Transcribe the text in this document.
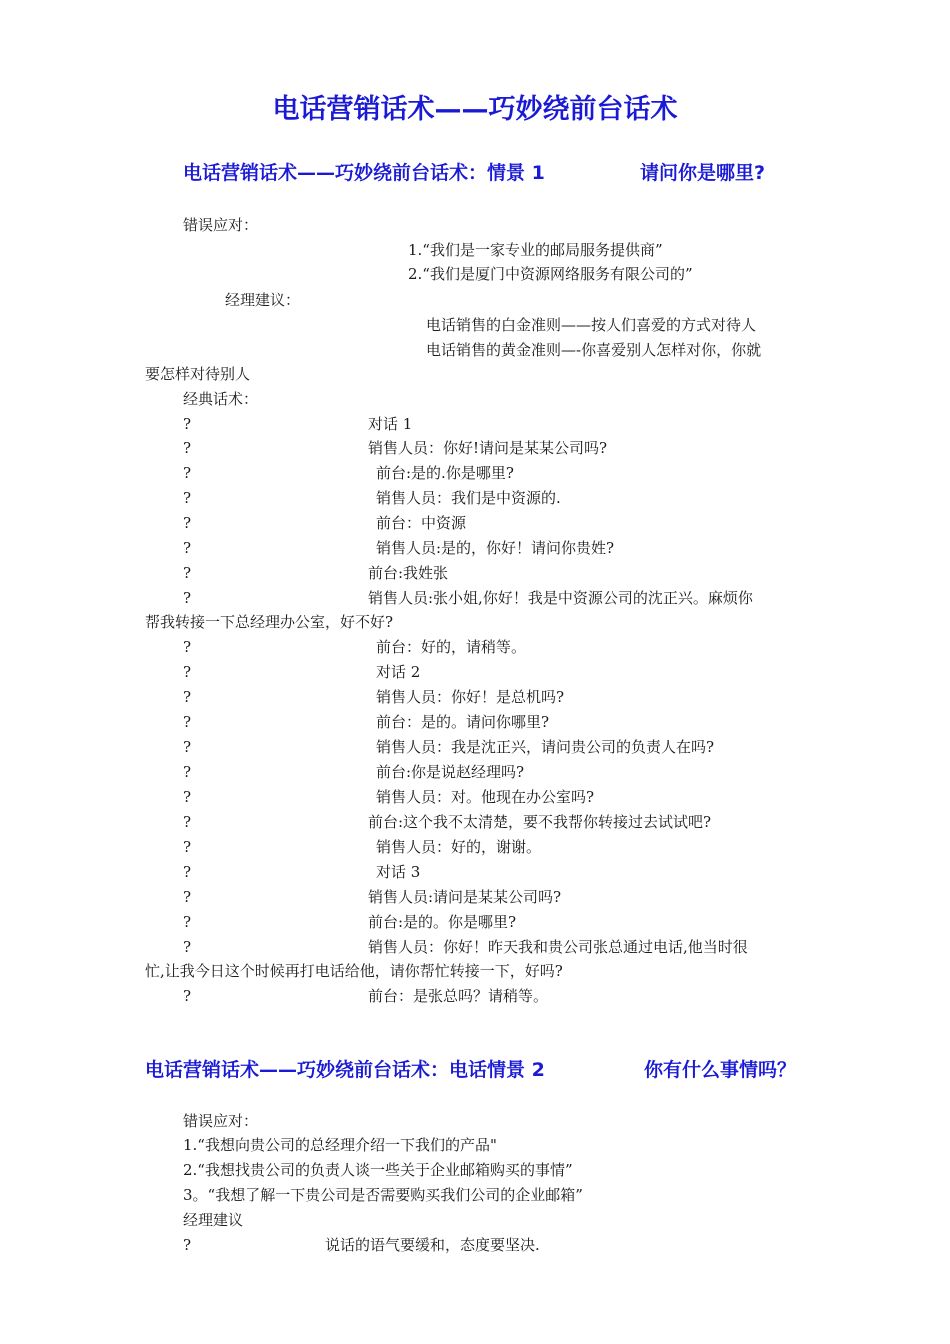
电话营销话术——巧妙绕前台话术
电话营销话术——巧妙绕前台话术：情景 1	请问你是哪里?
错误应对：
1.“我们是一家专业的邮局服务提供商”
2.“我们是厦门中资源网络服务有限公司的”
经理建议：
电话销售的白金准则——按人们喜爱的方式对待人
电话销售的黄金准则—-你喜爱别人怎样对你，你就
要怎样对待别人
经典话术：
?	对话 1
?	销售人员：你好!请问是某某公司吗?
?	前台:是的.你是哪里?
?	销售人员：我们是中资源的.
?	前台：中资源
?	销售人员:是的，你好！请问你贵姓?
?	前台:我姓张
?	销售人员:张小姐,你好！我是中资源公司的沈正兴。麻烦你
帮我转接一下总经理办公室，好不好?
?	前台：好的，请稍等。
?	对话 2
?	销售人员：你好！是总机吗?
?	前台：是的。请问你哪里?
?	销售人员：我是沈正兴，请问贵公司的负责人在吗?
?	前台:你是说赵经理吗?
?	销售人员：对。他现在办公室吗?
?	前台:这个我不太清楚，要不我帮你转接过去试试吧?
?	销售人员：好的，谢谢。
?	对话 3
?	销售人员:请问是某某公司吗?
?	前台:是的。你是哪里?
?	销售人员：你好！昨天我和贵公司张总通过电话,他当时很
忙,让我今日这个时候再打电话给他，请你帮忙转接一下，好吗?
?	前台：是张总吗？请稍等。
电话营销话术——巧妙绕前台话术：电话情景 2	你有什么事情吗？
错误应对：
1.“我想向贵公司的总经理介绍一下我们的产品"
2.“我想找贵公司的负责人谈一些关于企业邮箱购买的事情”
3。“我想了解一下贵公司是否需要购买我们公司的企业邮箱”
经理建议
?	说话的语气要缓和，态度要坚决.
